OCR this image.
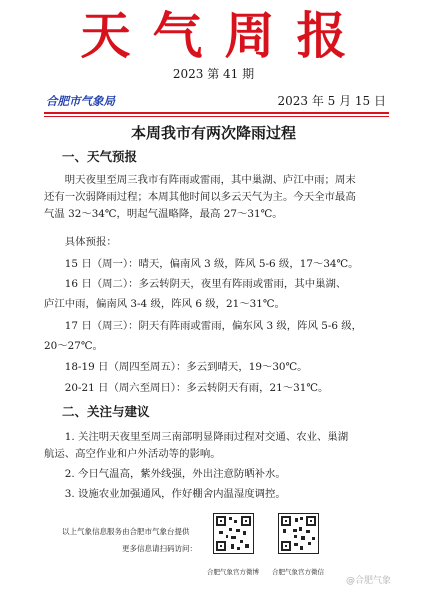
天气周报
2023 第 41 期
合肥市气象局	2023 年 5 月 15 日
本周我市有两次降雨过程
一、天气预报

明天夜里至周三我市有阵雨或雷雨，其中巢湖、庐江中雨；周末

还有一次弱降雨过程；本周其他时间以多云天气为主。今天全市最高

气温 32～34℃，明起气温略降，最高 27～31℃。

具体预报：

15 日（周一）：晴天，偏南风 3 级，阵风 5-6 级，17～34℃。

16 日（周二）：多云转阴天，夜里有阵雨或雷雨，其中巢湖、

庐江中雨，偏南风 3-4 级，阵风 6 级，21～31℃。

17 日（周三）：阴天有阵雨或雷雨，偏东风 3 级，阵风 5-6 级，

20～27℃。

18-19 日（周四至周五）：多云到晴天，19～30℃。

20-21 日（周六至周日）：多云转阴天有雨，21～31℃。

二、关注与建议

1. 关注明天夜里至周三南部明显降雨过程对交通、农业、巢湖

航运、高空作业和户外活动等的影响。

2. 今日气温高，紫外线强，外出注意防晒补水。

3. 设施农业加强通风，作好棚舍内温湿度调控。

以上气象信息服务由合肥市气象台提供
更多信息请扫码访问：
合肥气象官方微博	合肥气象官方微信
@合肥气象
